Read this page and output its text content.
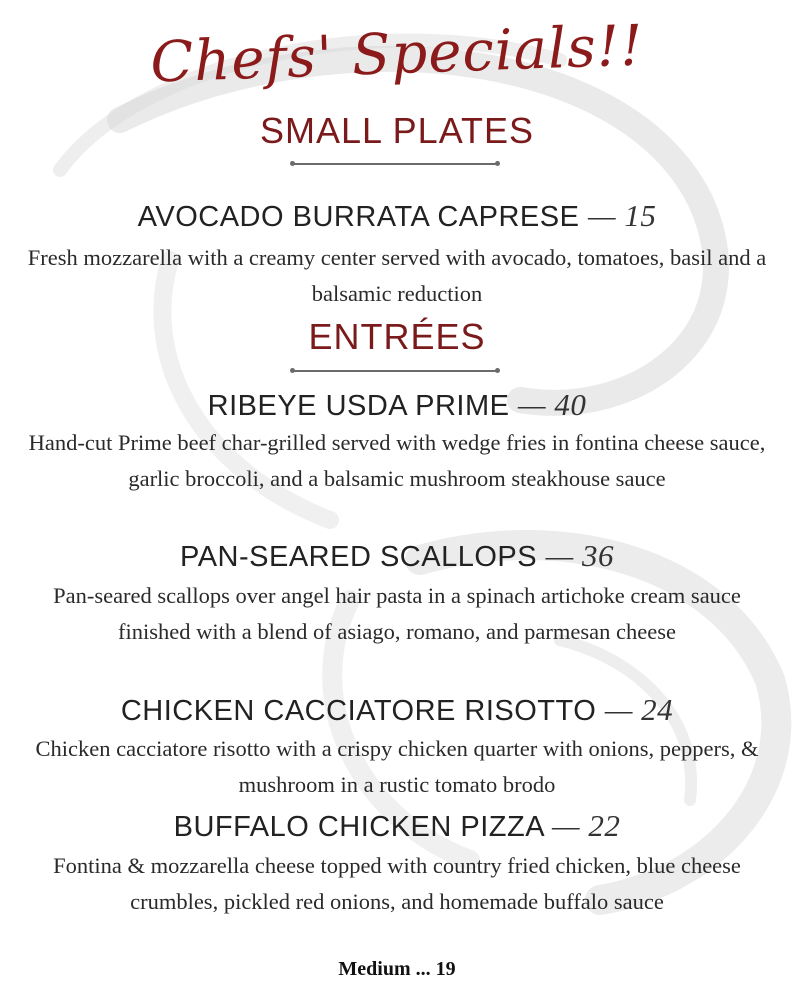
Chefs' Specials!!
SMALL PLATES
AVOCADO BURRATA CAPRESE — 15
Fresh mozzarella with a creamy center served with avocado, tomatoes, basil and a balsamic reduction
ENTRÉES
RIBEYE USDA PRIME — 40
Hand-cut Prime beef char-grilled served with wedge fries in fontina cheese sauce, garlic broccoli, and a balsamic mushroom steakhouse sauce
PAN-SEARED SCALLOPS — 36
Pan-seared scallops over angel hair pasta in a spinach artichoke cream sauce finished with a blend of asiago, romano, and parmesan cheese
CHICKEN CACCIATORE RISOTTO — 24
Chicken cacciatore risotto with a crispy chicken quarter with onions, peppers, & mushroom in a rustic tomato brodo
BUFFALO CHICKEN PIZZA — 22
Fontina & mozzarella cheese topped with country fried chicken, blue cheese crumbles, pickled red onions, and homemade buffalo sauce
Medium ... 19
